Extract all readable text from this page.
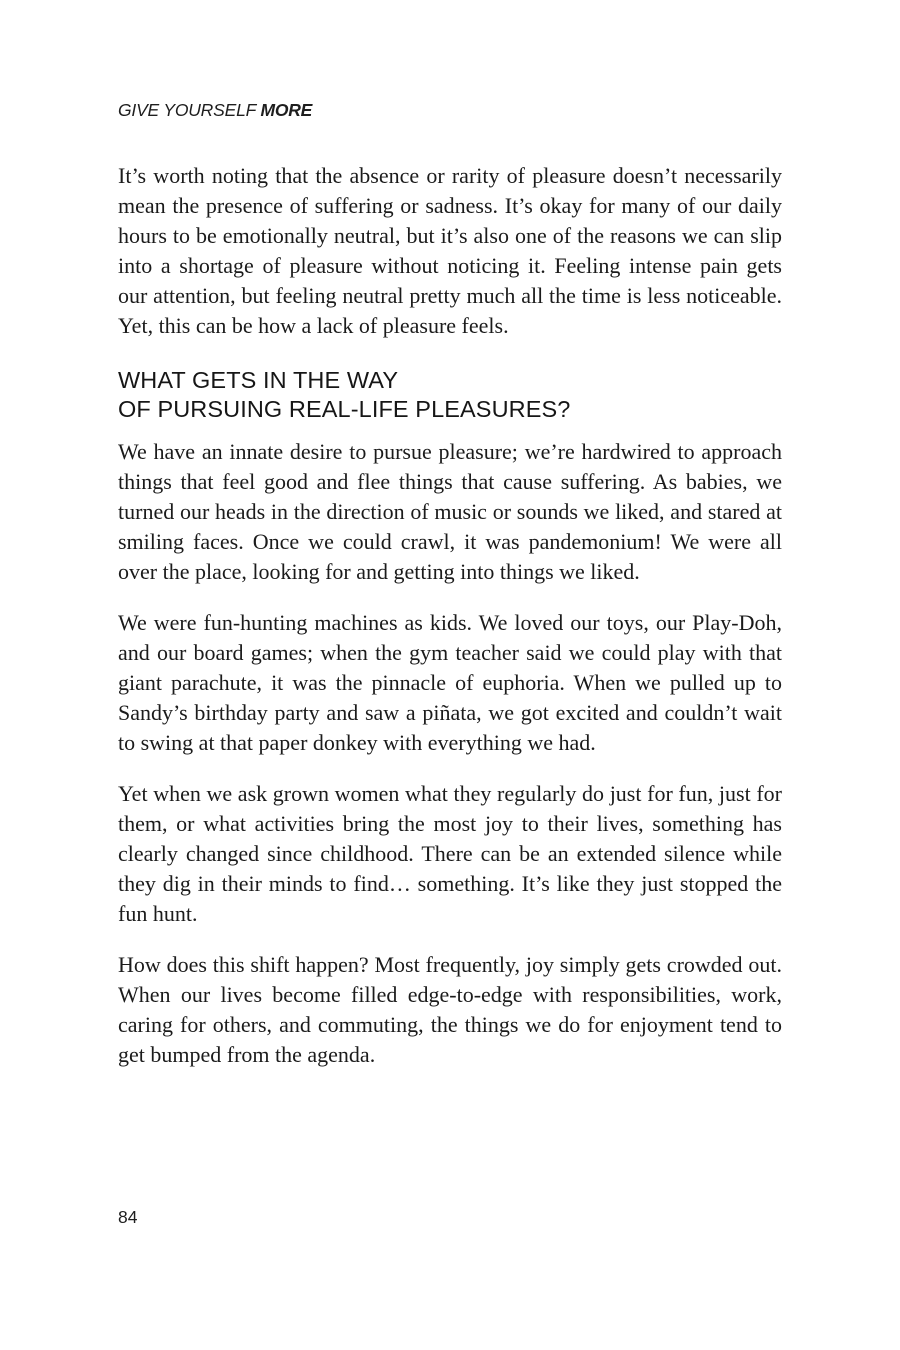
GIVE YOURSELF MORE

It’s worth noting that the absence or rarity of pleasure doesn’t necessarily mean the presence of suffering or sadness. It’s okay for many of our daily hours to be emotionally neutral, but it’s also one of the reasons we can slip into a shortage of pleasure without noticing it. Feeling intense pain gets our attention, but feeling neutral pretty much all the time is less noticeable. Yet, this can be how a lack of pleasure feels.

WHAT GETS IN THE WAY
OF PURSUING REAL-LIFE PLEASURES?

We have an innate desire to pursue pleasure; we’re hardwired to approach things that feel good and flee things that cause suffering. As babies, we turned our heads in the direction of music or sounds we liked, and stared at smiling faces. Once we could crawl, it was pandemonium! We were all over the place, looking for and getting into things we liked.

We were fun-hunting machines as kids. We loved our toys, our Play-Doh, and our board games; when the gym teacher said we could play with that giant parachute, it was the pinnacle of euphoria. When we pulled up to Sandy’s birthday party and saw a piñata, we got excited and couldn’t wait to swing at that paper donkey with everything we had.

Yet when we ask grown women what they regularly do just for fun, just for them, or what activities bring the most joy to their lives, something has clearly changed since childhood. There can be an extended silence while they dig in their minds to find… something. It’s like they just stopped the fun hunt.

How does this shift happen? Most frequently, joy simply gets crowded out. When our lives become filled edge-to-edge with responsibilities, work, caring for others, and commuting, the things we do for enjoyment tend to get bumped from the agenda.

84
